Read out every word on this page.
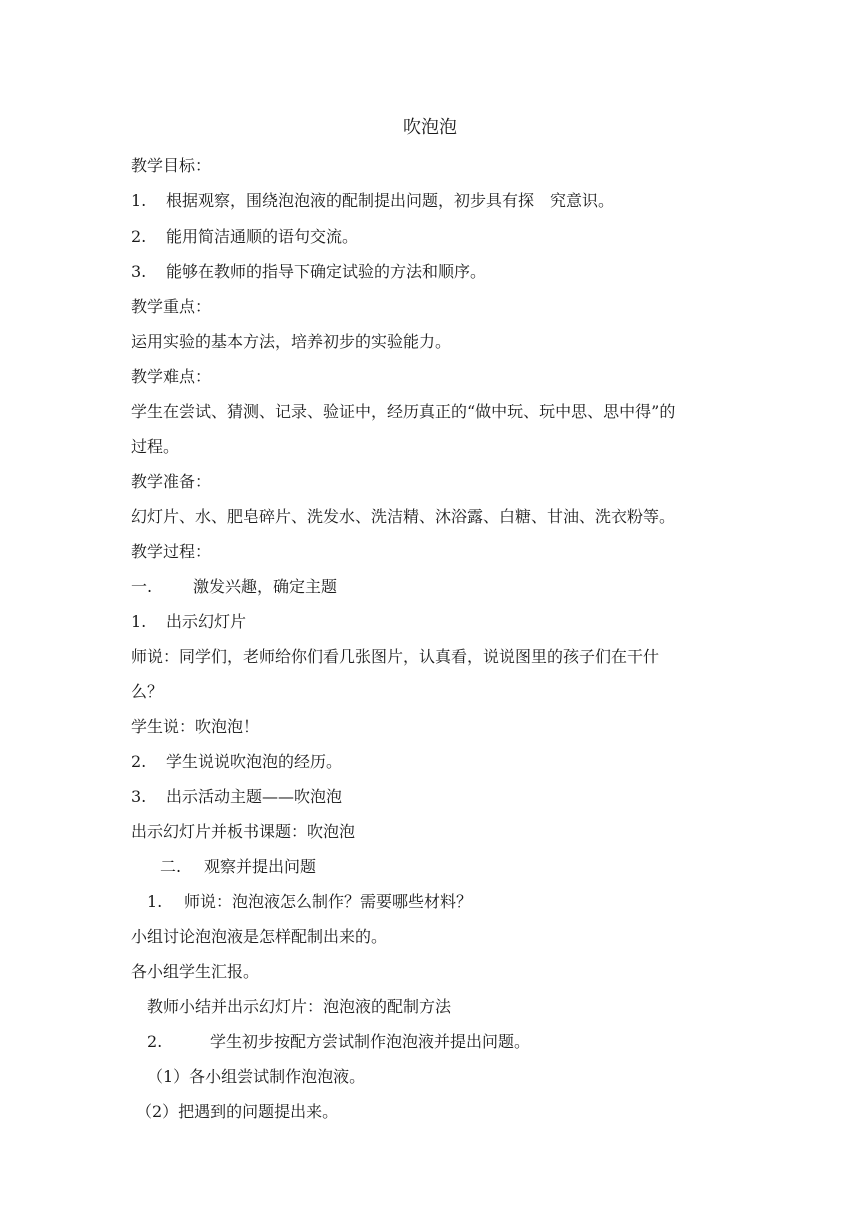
吹泡泡
教学目标：
1. 根据观察，围绕泡泡液的配制提出问题，初步具有探　究意识。
2. 能用简洁通顺的语句交流。
3. 能够在教师的指导下确定试验的方法和顺序。
教学重点：
运用实验的基本方法，培养初步的实验能力。
教学难点：
学生在尝试、猜测、记录、验证中，经历真正的“做中玩、玩中思、思中得”的
过程。
教学准备：
幻灯片、水、肥皂碎片、洗发水、洗洁精、沐浴露、白糖、甘油、洗衣粉等。
教学过程：
一.	激发兴趣，确定主题
1. 出示幻灯片
师说：同学们，老师给你们看几张图片，认真看，说说图里的孩子们在干什
么？
学生说：吹泡泡！
2. 学生说说吹泡泡的经历。
3. 出示活动主题——吹泡泡
出示幻灯片并板书课题：吹泡泡
二. 观察并提出问题
1. 师说：泡泡液怎么制作？需要哪些材料？
小组讨论泡泡液是怎样配制出来的。
各小组学生汇报。
教师小结并出示幻灯片：泡泡液的配制方法
2.	学生初步按配方尝试制作泡泡液并提出问题。
（1）各小组尝试制作泡泡液。
（2）把遇到的问题提出来。
